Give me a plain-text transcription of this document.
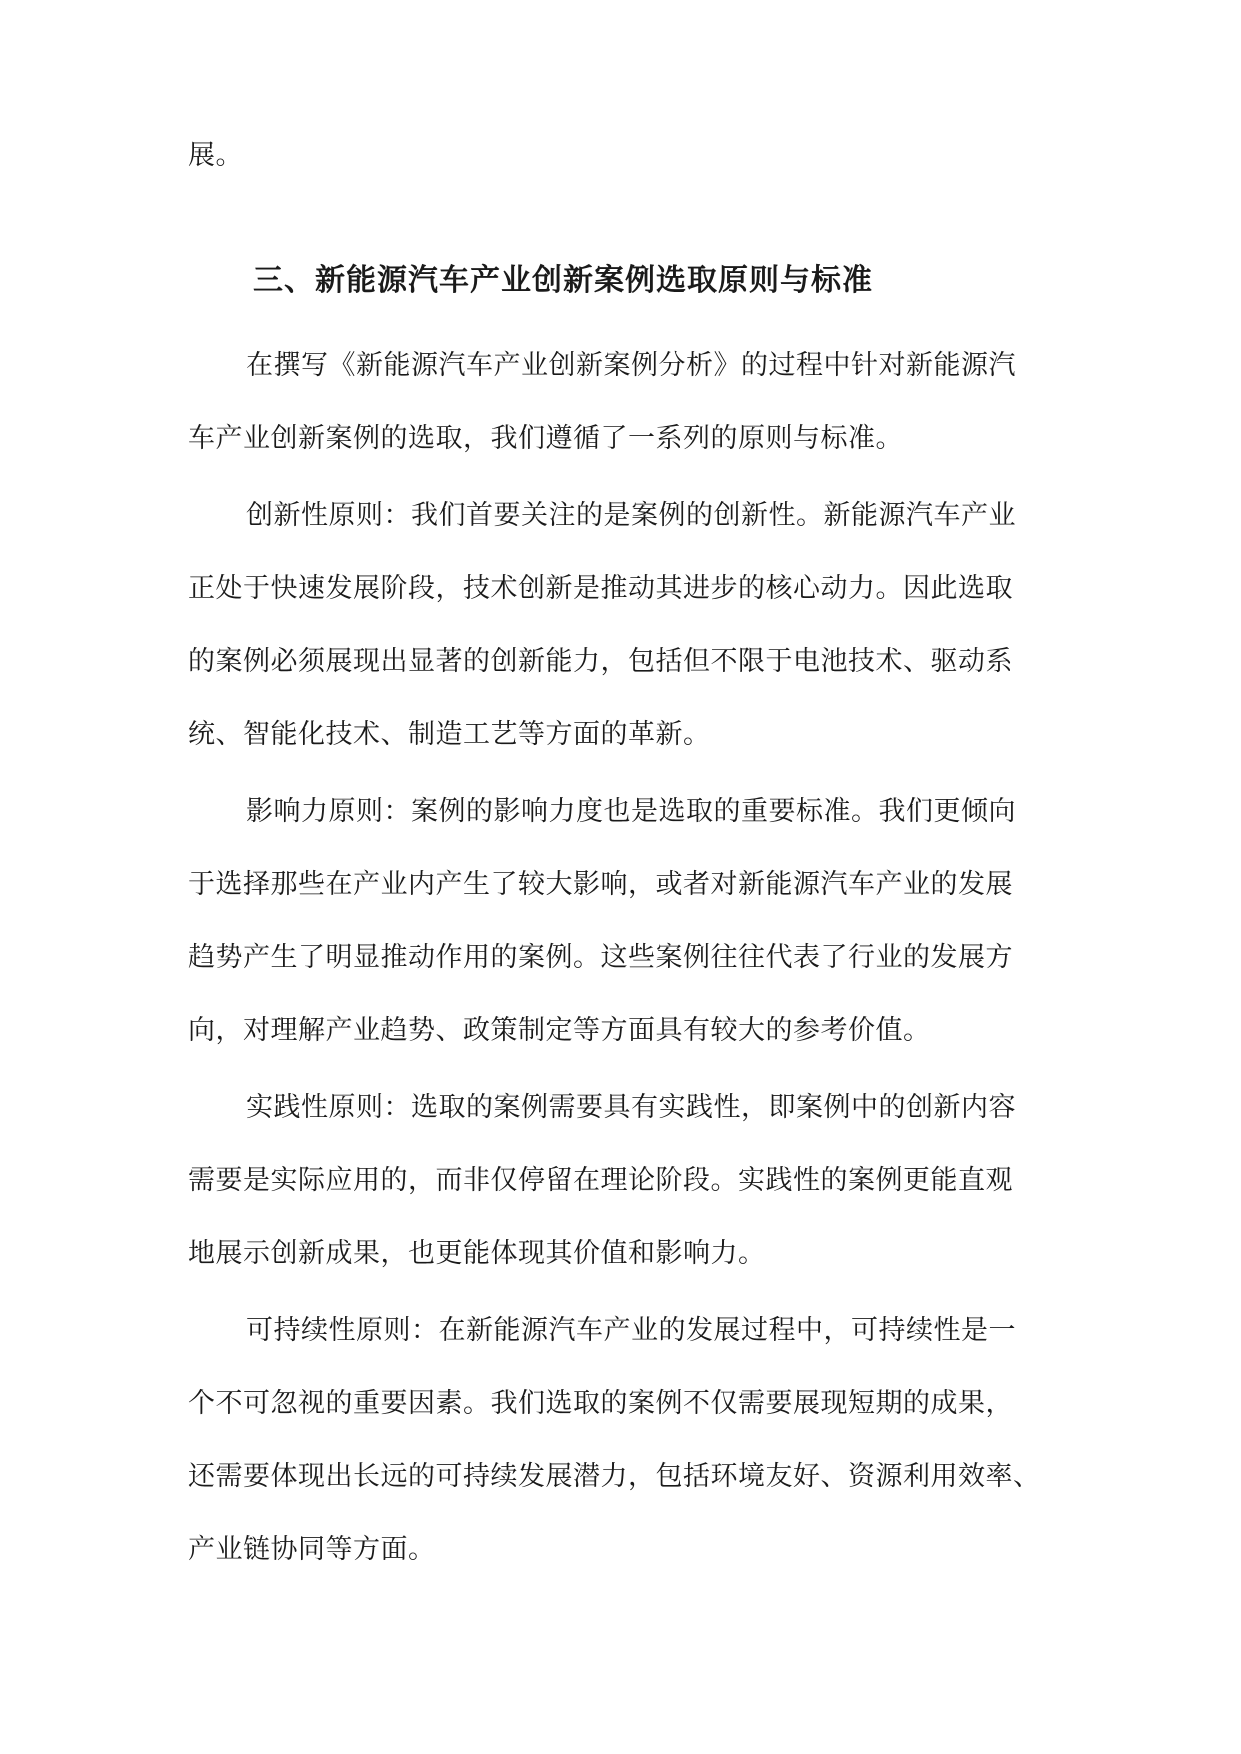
展。
三、新能源汽车产业创新案例选取原则与标准
在撰写《新能源汽车产业创新案例分析》的过程中针对新能源汽
车产业创新案例的选取，我们遵循了一系列的原则与标准。
创新性原则：我们首要关注的是案例的创新性。新能源汽车产业
正处于快速发展阶段，技术创新是推动其进步的核心动力。因此选取
的案例必须展现出显著的创新能力，包括但不限于电池技术、驱动系
统、智能化技术、制造工艺等方面的革新。
影响力原则：案例的影响力度也是选取的重要标准。我们更倾向
于选择那些在产业内产生了较大影响，或者对新能源汽车产业的发展
趋势产生了明显推动作用的案例。这些案例往往代表了行业的发展方
向，对理解产业趋势、政策制定等方面具有较大的参考价值。
实践性原则：选取的案例需要具有实践性，即案例中的创新内容
需要是实际应用的，而非仅停留在理论阶段。实践性的案例更能直观
地展示创新成果，也更能体现其价值和影响力。
可持续性原则：在新能源汽车产业的发展过程中，可持续性是一
个不可忽视的重要因素。我们选取的案例不仅需要展现短期的成果，
还需要体现出长远的可持续发展潜力，包括环境友好、资源利用效率、
产业链协同等方面。
